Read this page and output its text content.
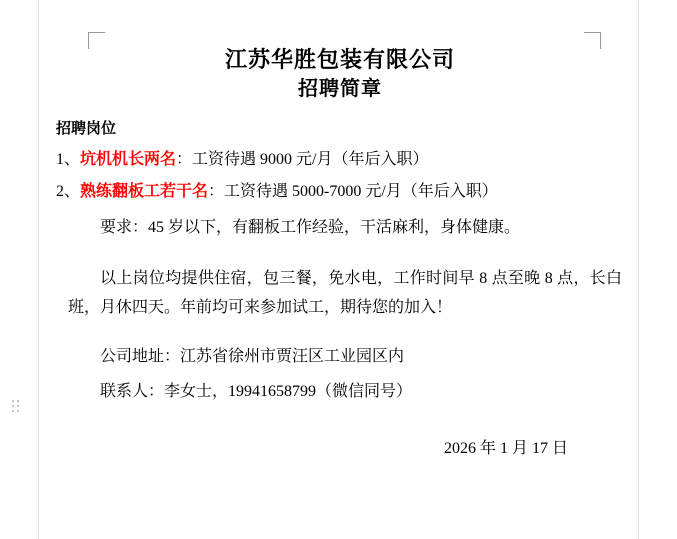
江苏华胜包装有限公司
招聘简章
招聘岗位
1、坑机机长两名：工资待遇 9000 元/月（年后入职）
2、熟练翻板工若干名：工资待遇 5000-7000 元/月（年后入职）
要求：45 岁以下，有翻板工作经验，干活麻利，身体健康。
以上岗位均提供住宿，包三餐，免水电，工作时间早 8 点至晚 8 点，长白班，月休四天。年前均可来参加试工，期待您的加入！
公司地址：江苏省徐州市贾汪区工业园区内
联系人：李女士，19941658799（微信同号）
2026 年 1 月 17 日
